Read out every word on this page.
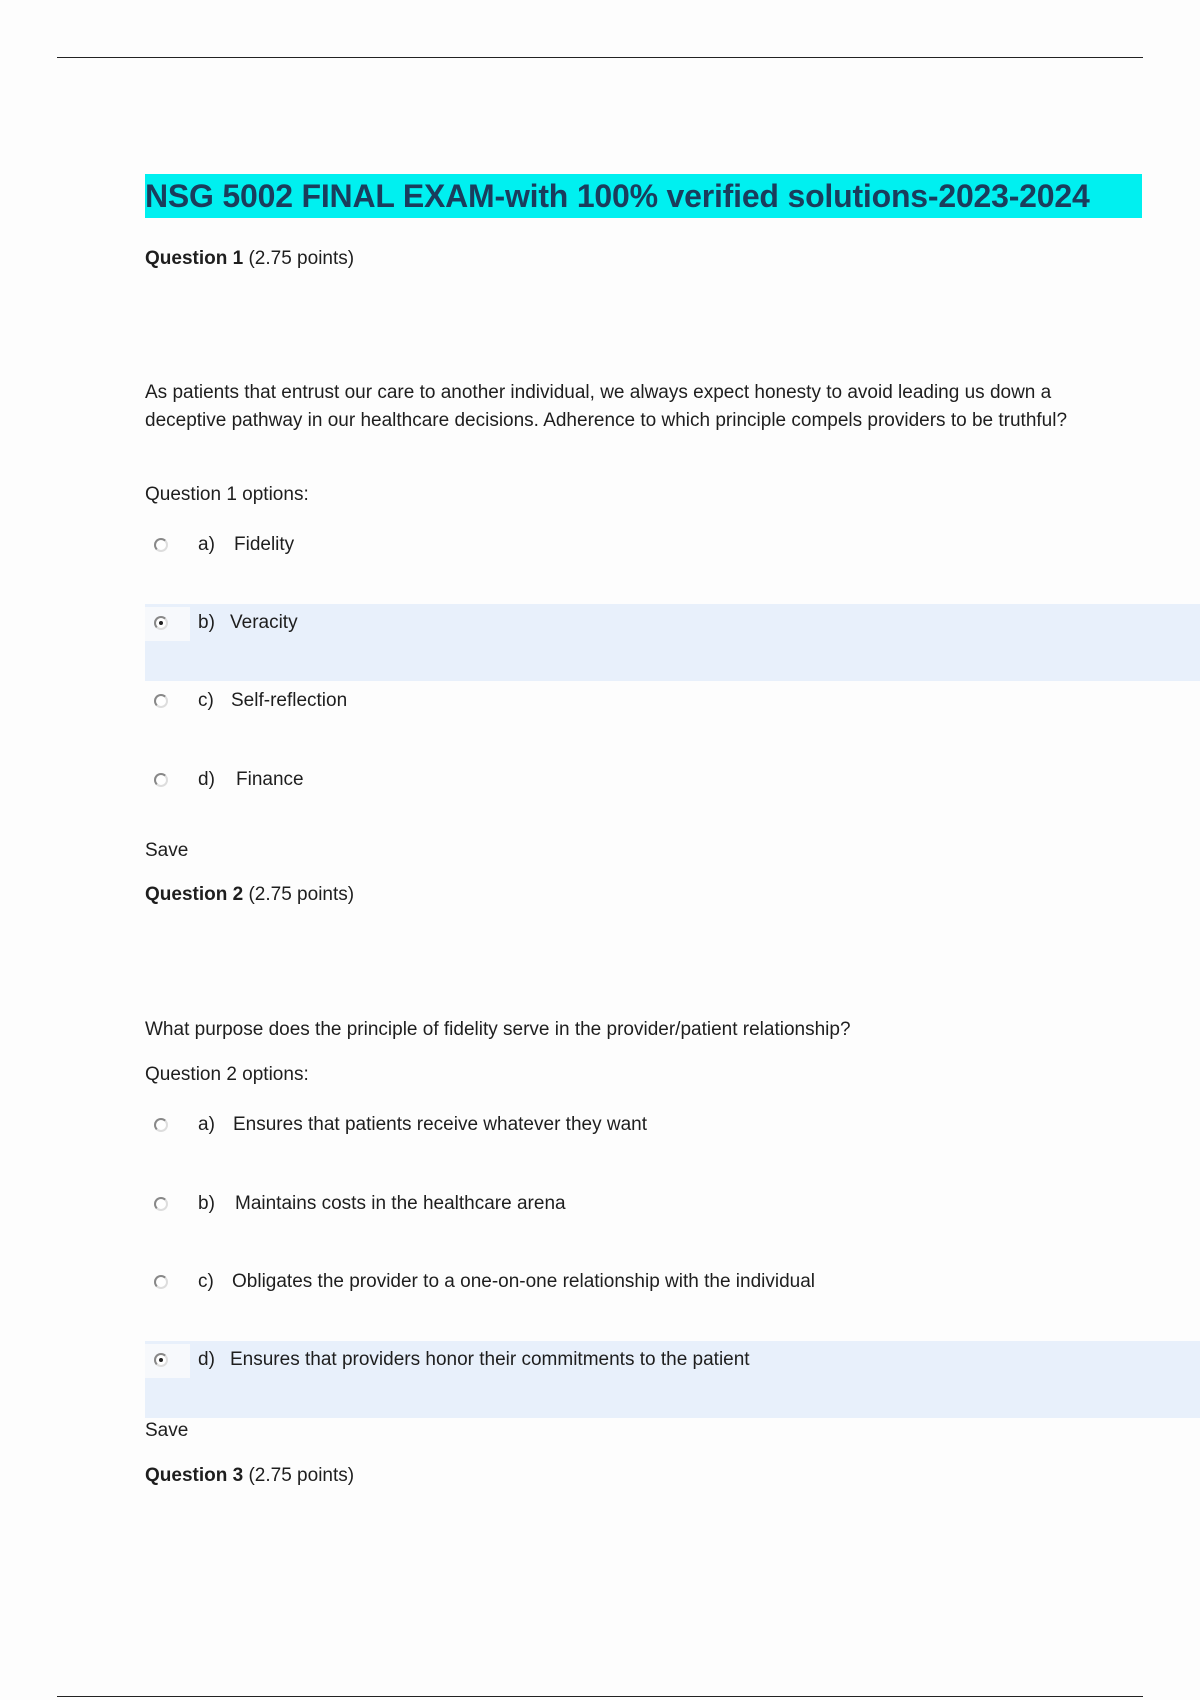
NSG 5002 FINAL EXAM-with 100% verified solutions-2023-2024
Question 1 (2.75 points)
As patients that entrust our care to another individual, we always expect honesty to avoid leading us down a deceptive pathway in our healthcare decisions. Adherence to which principle compels providers to be truthful?
Question 1 options:
a) Fidelity
b) Veracity
c) Self-reflection
d) Finance
Save
Question 2 (2.75 points)
What purpose does the principle of fidelity serve in the provider/patient relationship?
Question 2 options:
a) Ensures that patients receive whatever they want
b) Maintains costs in the healthcare arena
c) Obligates the provider to a one-on-one relationship with the individual
d) Ensures that providers honor their commitments to the patient
Save
Question 3 (2.75 points)
